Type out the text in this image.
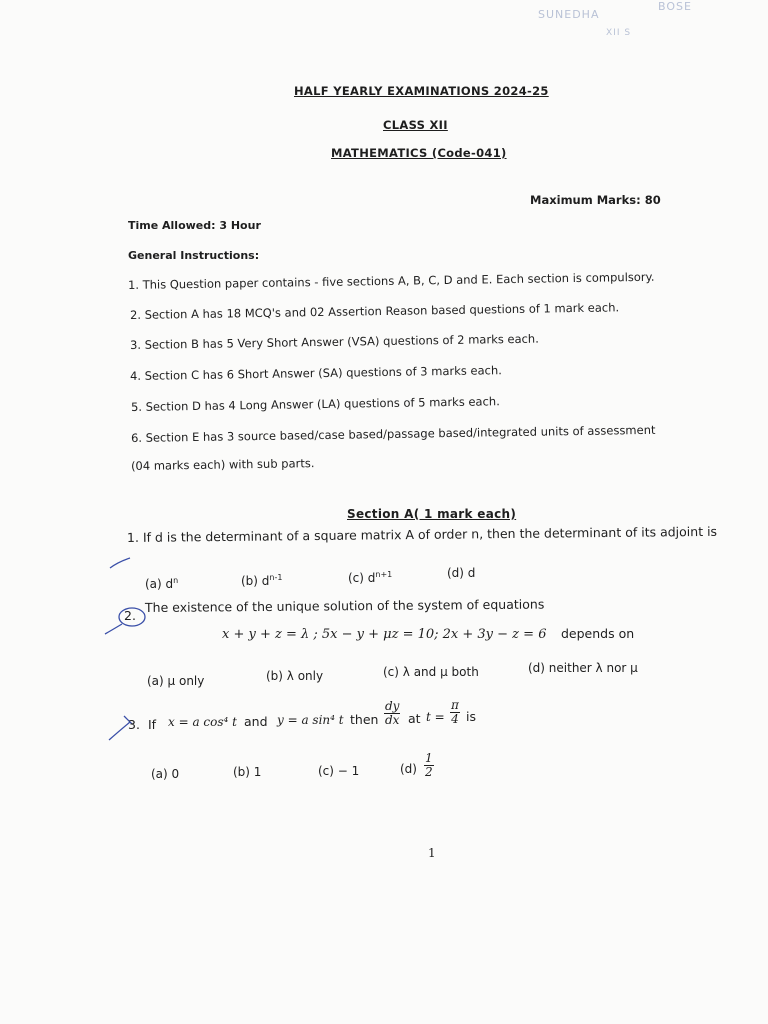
SUNEDHA
BOSE
XII S
HALF YEARLY EXAMINATIONS 2024-25
CLASS XII
MATHEMATICS (Code-041)
Maximum Marks: 80
Time Allowed: 3 Hour
General Instructions:
1. This Question paper contains - five sections A, B, C, D and E. Each section is compulsory.
2. Section A has 18 MCQ's and 02 Assertion Reason based questions of 1 mark each.
3. Section B has 5 Very Short Answer (VSA) questions of 2 marks each.
4. Section C has 6 Short Answer (SA) questions of 3 marks each.
5. Section D has 4 Long Answer (LA) questions of 5 marks each.
6. Section E has 3 source based/case based/passage based/integrated units of assessment
(04 marks each) with sub parts.
Section A( 1 mark each)
1. If d is the determinant of a square matrix A of order n, then the determinant of its adjoint is
(a) $d^n$	(b) $d^{n-1}$	(c) $d^{n+1}$	(d) d
2.
The existence of the unique solution of the system of equations
x + y + z = λ ; 5x − y + μz = 10; 2x + 3y − z = 6 depends on
(a) μ only	(b) λ only	(c) λ and μ both	(d) neither λ nor μ
3. If x = a cos⁴ t and y = a sin⁴ t then $\frac{dy}{dx}$ at $t = \frac{\pi}{4}$ is
(a) 0	(b) 1	(c) − 1	$(d) \frac{1}{2}$
1
